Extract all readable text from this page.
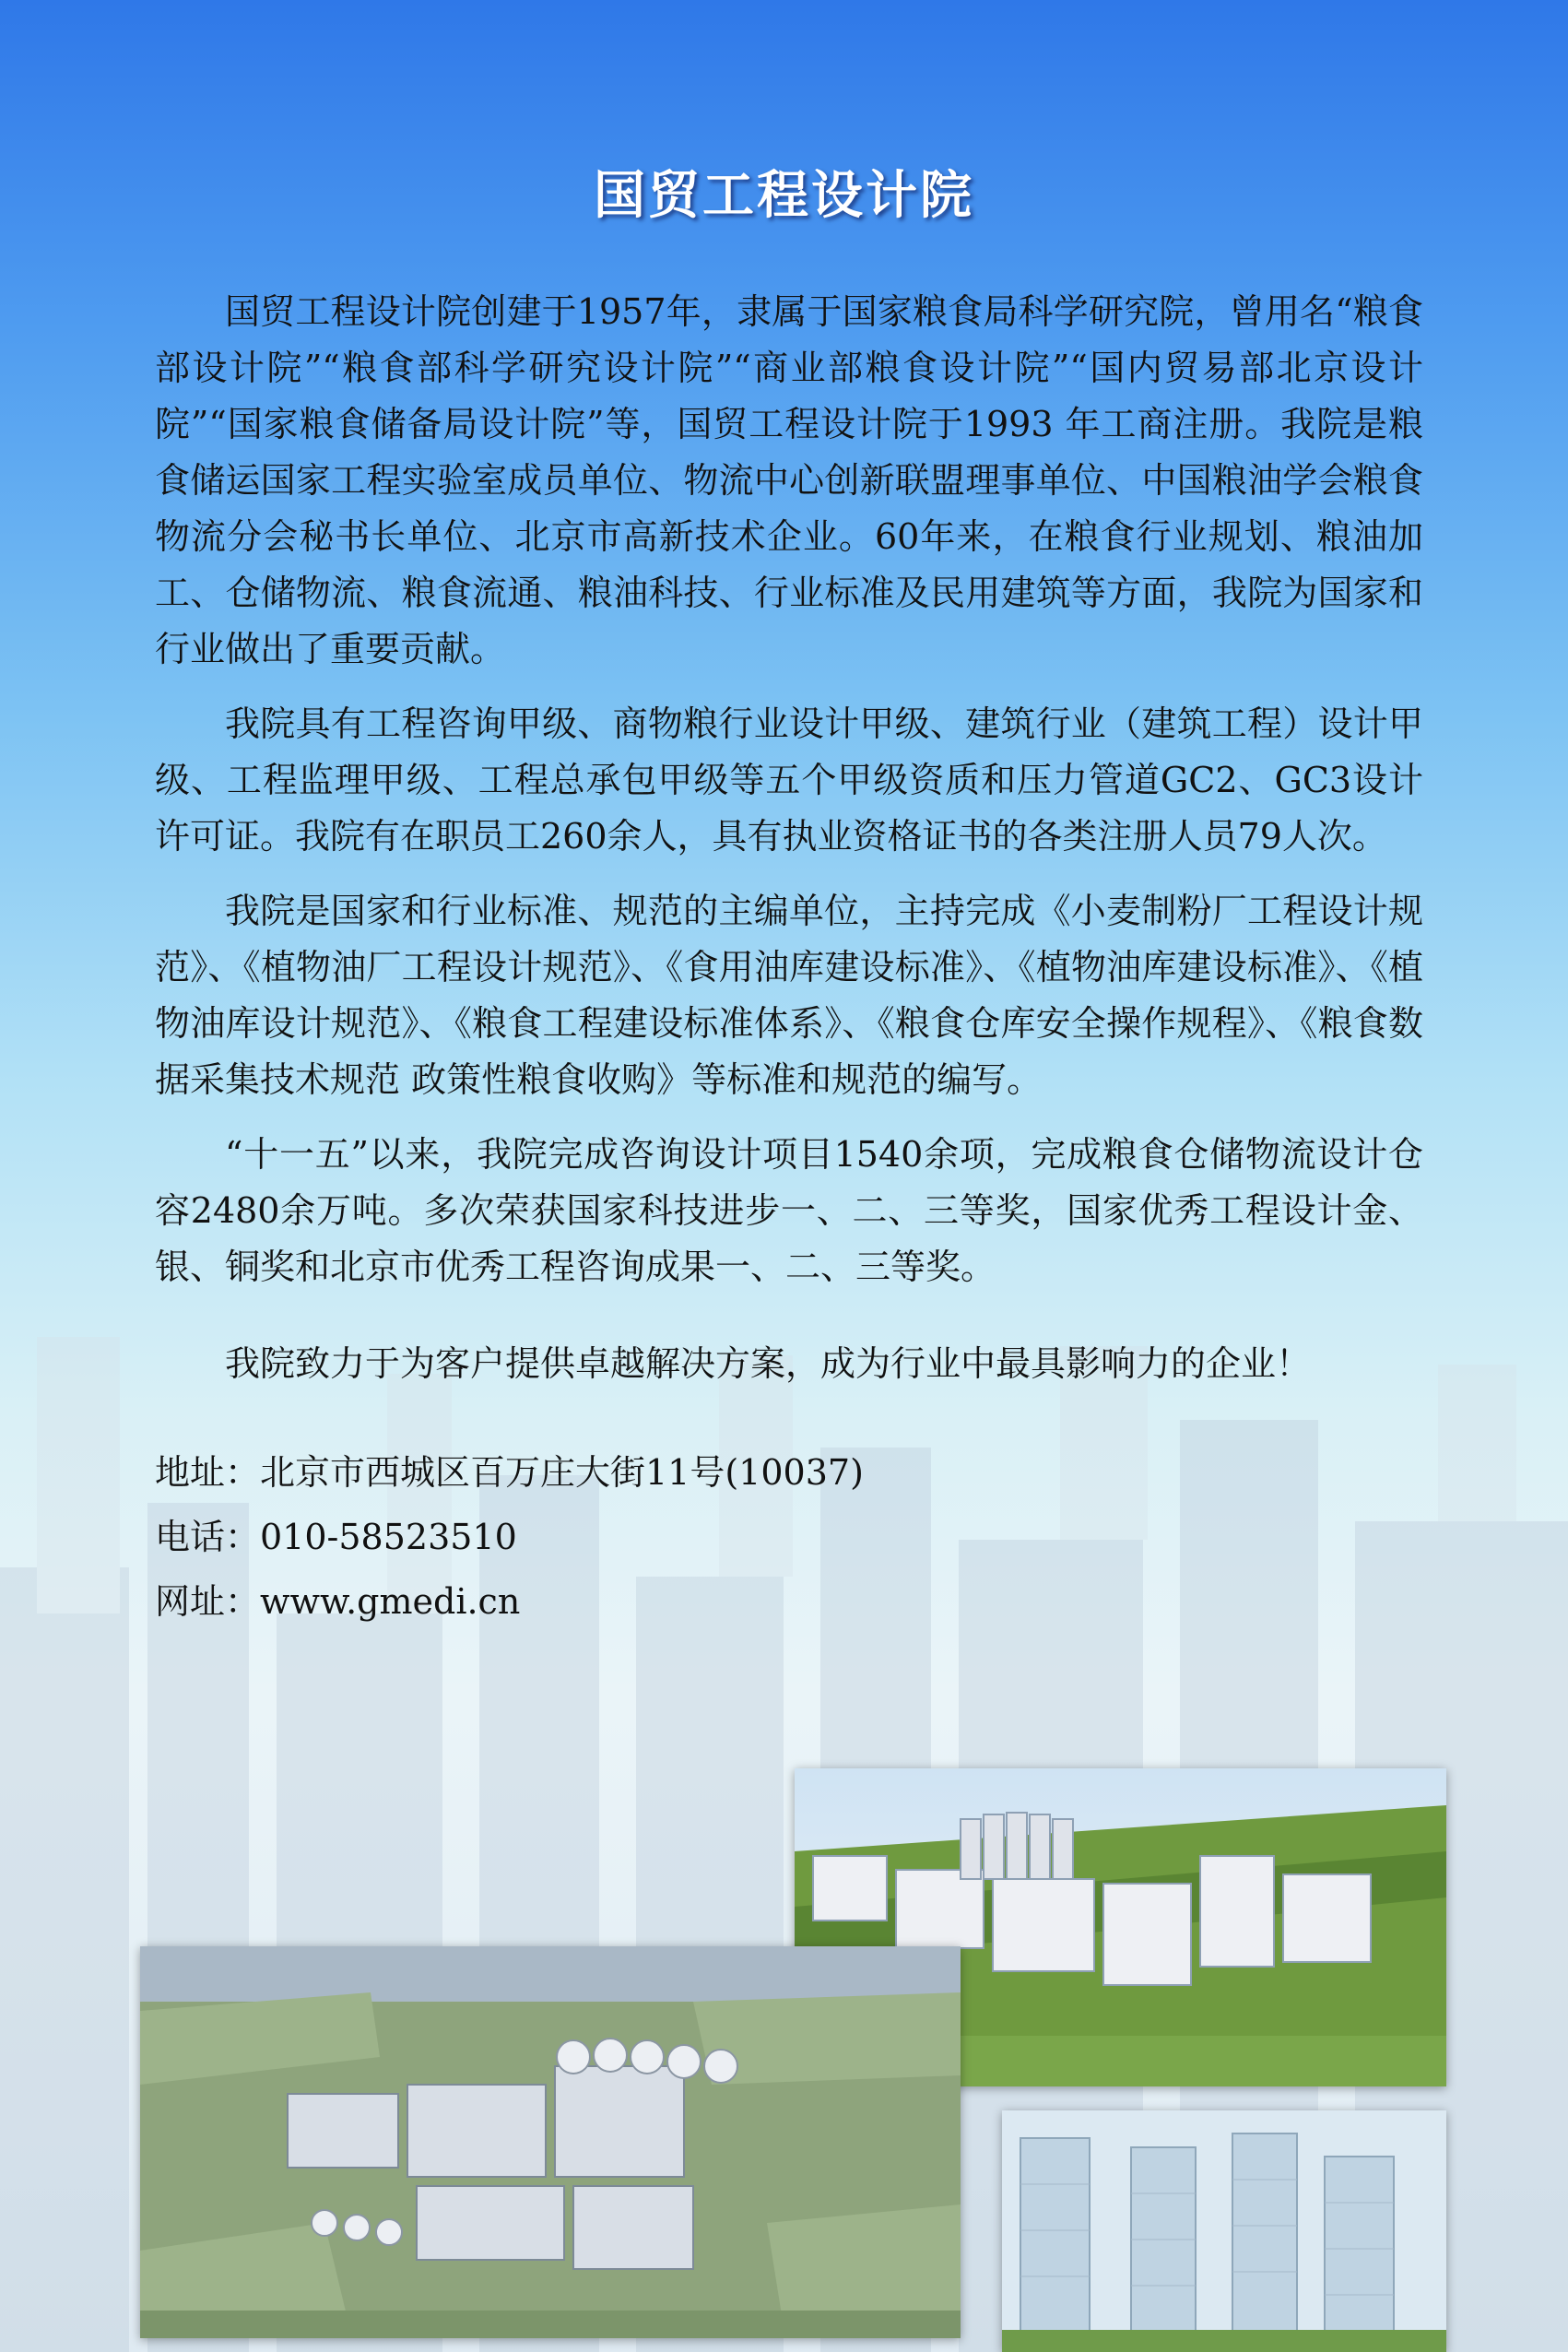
国贸工程设计院

国贸工程设计院创建于1957年，隶属于国家粮食局科学研究院，曾用名“粮食部设计院”“粮食部科学研究设计院”“商业部粮食设计院”“国内贸易部北京设计院”“国家粮食储备局设计院”等，国贸工程设计院于1993 年工商注册。我院是粮食储运国家工程实验室成员单位、物流中心创新联盟理事单位、中国粮油学会粮食物流分会秘书长单位、北京市高新技术企业。60年来，在粮食行业规划、粮油加工、仓储物流、粮食流通、粮油科技、行业标准及民用建筑等方面，我院为国家和行业做出了重要贡献。

我院具有工程咨询甲级、商物粮行业设计甲级、建筑行业（建筑工程）设计甲级、工程监理甲级、工程总承包甲级等五个甲级资质和压力管道GC2、GC3设计许可证。我院有在职员工260余人，具有执业资格证书的各类注册人员79人次。

我院是国家和行业标准、规范的主编单位，主持完成《小麦制粉厂工程设计规范》、《植物油厂工程设计规范》、《食用油库建设标准》、《植物油库建设标准》、《植物油库设计规范》、《粮食工程建设标准体系》、《粮食仓库安全操作规程》、《粮食数据采集技术规范 政策性粮食收购》等标准和规范的编写。

“十一五”以来，我院完成咨询设计项目1540余项，完成粮食仓储物流设计仓容2480余万吨。多次荣获国家科技进步一、二、三等奖，国家优秀工程设计金、银、铜奖和北京市优秀工程咨询成果一、二、三等奖。

我院致力于为客户提供卓越解决方案，成为行业中最具影响力的企业！

地址：北京市西城区百万庄大街11号(10037)

电话：010-58523510

网址：www.gmedi.cn
